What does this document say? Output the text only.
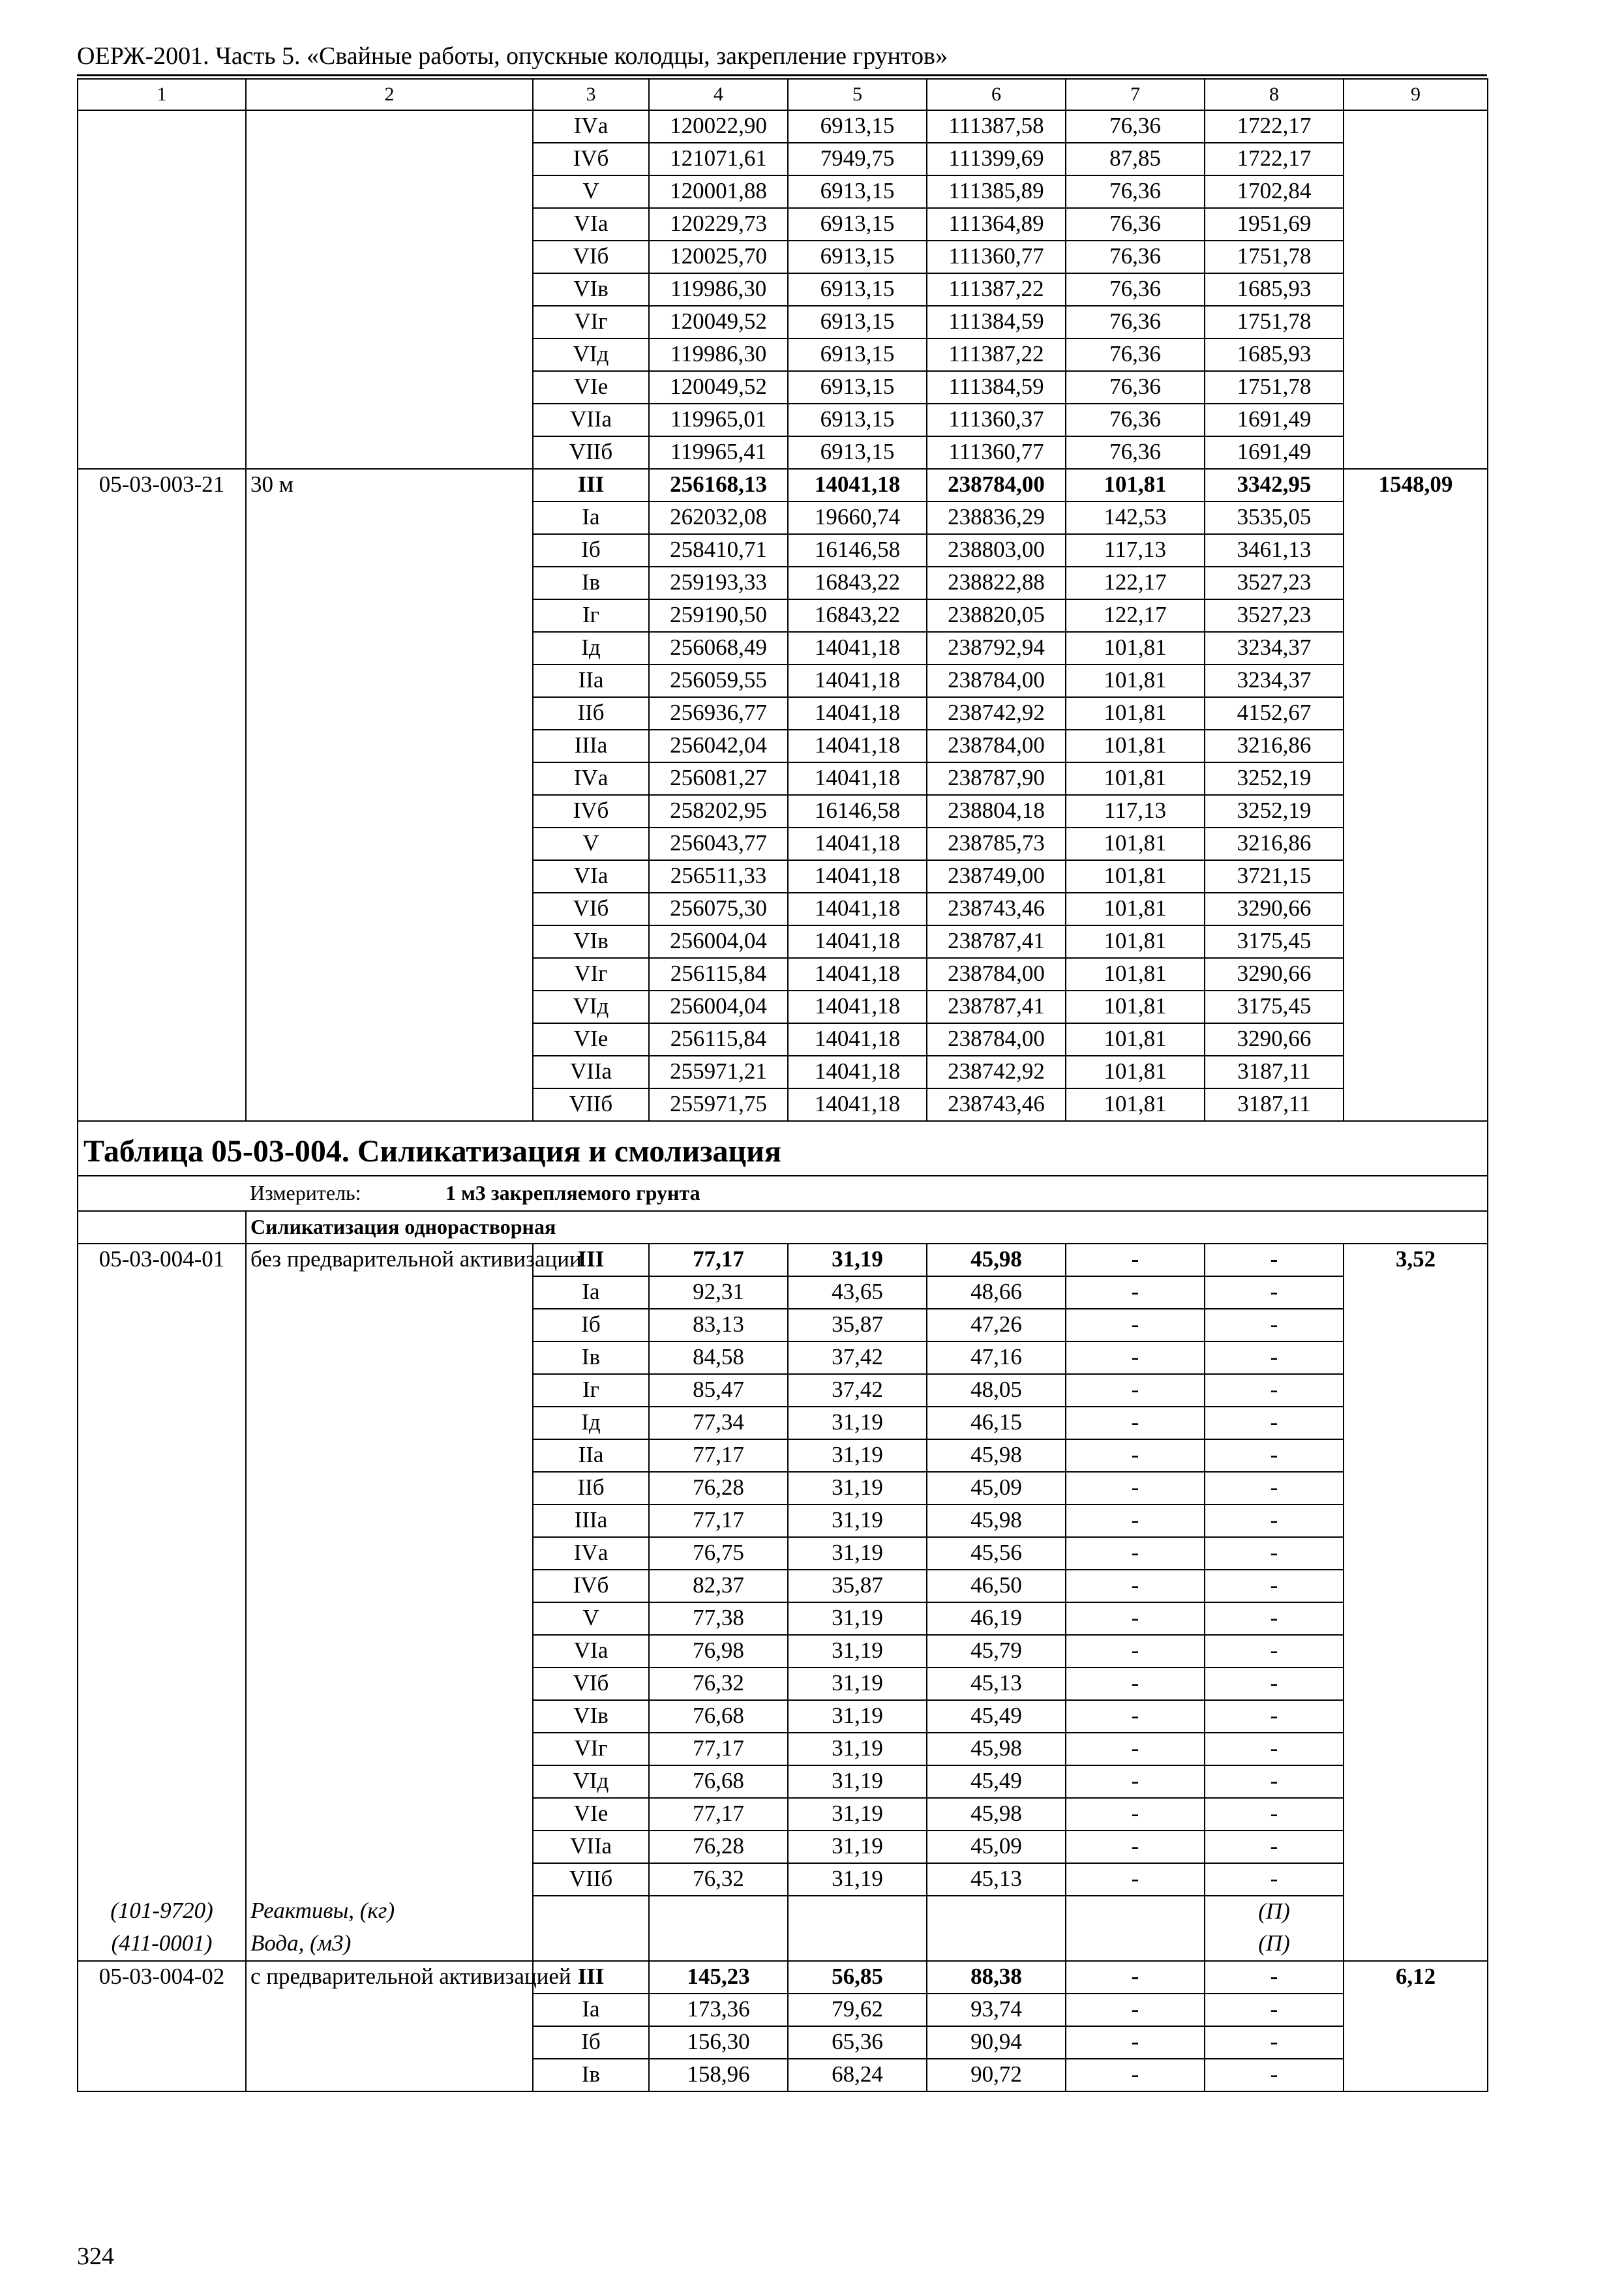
ОЕРЖ-2001. Часть 5. «Свайные работы, опускные колодцы, закрепление грунтов»
1	2	3	4	5	6	7	8	9
		IVа	120022,90	6913,15	111387,58	76,36	1722,17	
		IVб	121071,61	7949,75	111399,69	87,85	1722,17	
		V	120001,88	6913,15	111385,89	76,36	1702,84	
		VIа	120229,73	6913,15	111364,89	76,36	1951,69	
		VIб	120025,70	6913,15	111360,77	76,36	1751,78	
		VIв	119986,30	6913,15	111387,22	76,36	1685,93	
		VIг	120049,52	6913,15	111384,59	76,36	1751,78	
		VIд	119986,30	6913,15	111387,22	76,36	1685,93	
		VIе	120049,52	6913,15	111384,59	76,36	1751,78	
		VIIа	119965,01	6913,15	111360,37	76,36	1691,49	
		VIIб	119965,41	6913,15	111360,77	76,36	1691,49	
05-03-003-21	30 м	III	256168,13	14041,18	238784,00	101,81	3342,95	1548,09
		Iа	262032,08	19660,74	238836,29	142,53	3535,05	
		Iб	258410,71	16146,58	238803,00	117,13	3461,13	
		Iв	259193,33	16843,22	238822,88	122,17	3527,23	
		Iг	259190,50	16843,22	238820,05	122,17	3527,23	
		Iд	256068,49	14041,18	238792,94	101,81	3234,37	
		IIа	256059,55	14041,18	238784,00	101,81	3234,37	
		IIб	256936,77	14041,18	238742,92	101,81	4152,67	
		IIIа	256042,04	14041,18	238784,00	101,81	3216,86	
		IVа	256081,27	14041,18	238787,90	101,81	3252,19	
		IVб	258202,95	16146,58	238804,18	117,13	3252,19	
		V	256043,77	14041,18	238785,73	101,81	3216,86	
		VIа	256511,33	14041,18	238749,00	101,81	3721,15	
		VIб	256075,30	14041,18	238743,46	101,81	3290,66	
		VIв	256004,04	14041,18	238787,41	101,81	3175,45	
		VIг	256115,84	14041,18	238784,00	101,81	3290,66	
		VIд	256004,04	14041,18	238787,41	101,81	3175,45	
		VIе	256115,84	14041,18	238784,00	101,81	3290,66	
		VIIа	255971,21	14041,18	238742,92	101,81	3187,11	
		VIIб	255971,75	14041,18	238743,46	101,81	3187,11	
Таблица 05-03-004. Силикатизация и смолизация								
	Измеритель: 1 м3 закрепляемого грунта							
	Силикатизация однорастворная							
05-03-004-01	без предварительной активизации	III	77,17	31,19	45,98	-	-	3,52
		Iа	92,31	43,65	48,66	-	-	
		Iб	83,13	35,87	47,26	-	-	
		Iв	84,58	37,42	47,16	-	-	
		Iг	85,47	37,42	48,05	-	-	
		Iд	77,34	31,19	46,15	-	-	
		IIа	77,17	31,19	45,98	-	-	
		IIб	76,28	31,19	45,09	-	-	
		IIIа	77,17	31,19	45,98	-	-	
		IVа	76,75	31,19	45,56	-	-	
		IVб	82,37	35,87	46,50	-	-	
		V	77,38	31,19	46,19	-	-	
		VIа	76,98	31,19	45,79	-	-	
		VIб	76,32	31,19	45,13	-	-	
		VIв	76,68	31,19	45,49	-	-	
		VIг	77,17	31,19	45,98	-	-	
		VIд	76,68	31,19	45,49	-	-	
		VIе	77,17	31,19	45,98	-	-	
		VIIа	76,28	31,19	45,09	-	-	
		VIIб	76,32	31,19	45,13	-	-	
(101-9720)	Реактивы, (кг)						(П)	
(411-0001)	Вода, (м3)						(П)	
05-03-004-02	с предварительной активизацией	III	145,23	56,85	88,38	-	-	6,12
		Iа	173,36	79,62	93,74	-	-	
		Iб	156,30	65,36	90,94	-	-	
		Iв	158,96	68,24	90,72	-	-	
324
